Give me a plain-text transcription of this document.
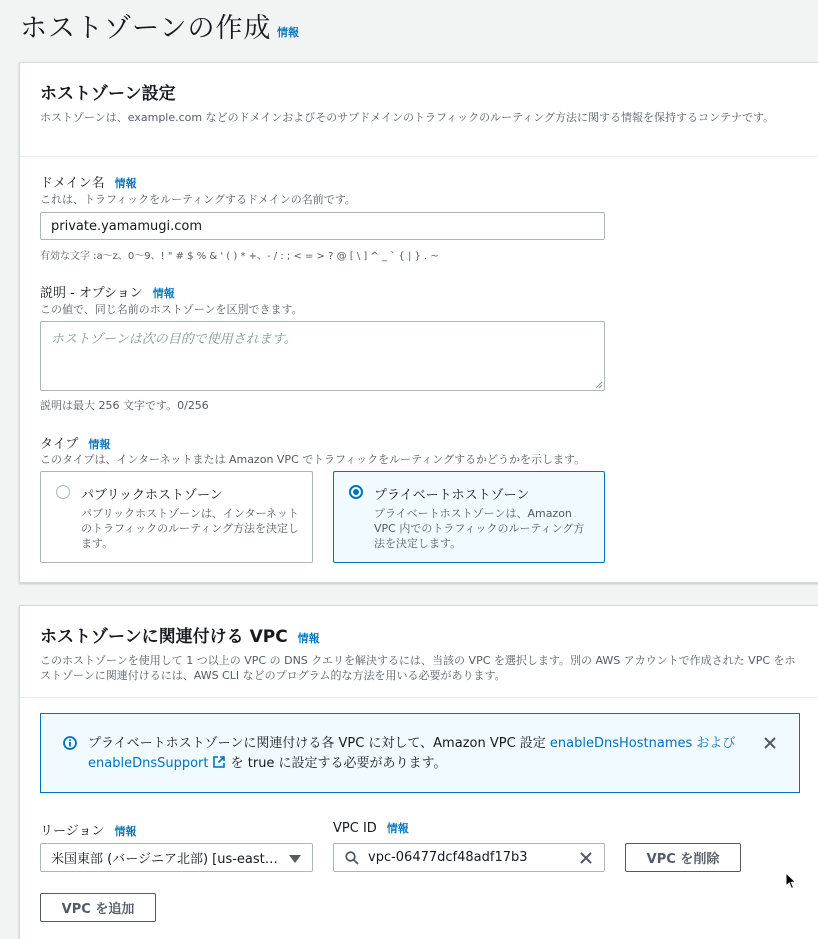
ホストゾーンの作成 情報
ホストゾーン設定
ホストゾーンは、example.com などのドメインおよびそのサブドメインのトラフィックのルーティング方法に関する情報を保持するコンテナです。
ドメイン名 情報
これは、トラフィックをルーティングするドメインの名前です。
private.yamamugi.com
有効な文字 :a〜z、0〜9、! " # $ % & ' ( ) * +、- / : ; < = > ? @ [ \ ] ^ _ ` { | } . ~
説明 - オプション 情報
この値で、同じ名前のホストゾーンを区別できます。
ホストゾーンは次の目的で使用されます。
説明は最大 256 文字です。0/256
タイプ 情報
このタイプは、インターネットまたは Amazon VPC でトラフィックをルーティングするかどうかを示します。
パブリックホストゾーン
パブリックホストゾーンは、インターネットのトラフィックのルーティング方法を決定します。
プライベートホストゾーン
プライベートホストゾーンは、Amazon VPC 内でのトラフィックのルーティング方法を決定します。
ホストゾーンに関連付ける VPC 情報
このホストゾーンを使用して 1 つ以上の VPC の DNS クエリを解決するには、当該の VPC を選択します。別の AWS アカウントで作成された VPC をホストゾーンに関連付けるには、AWS CLI などのプログラム的な方法を用いる必要があります。
プライベートホストゾーンに関連付ける各 VPC に対して、Amazon VPC 設定 enableDnsHostnames および enableDnsSupport を true に設定する必要があります。
リージョン 情報
米国東部 (バージニア北部) [us-east…
VPC ID 情報
vpc-06477dcf48adf17b3	VPC を削除
VPC を追加
